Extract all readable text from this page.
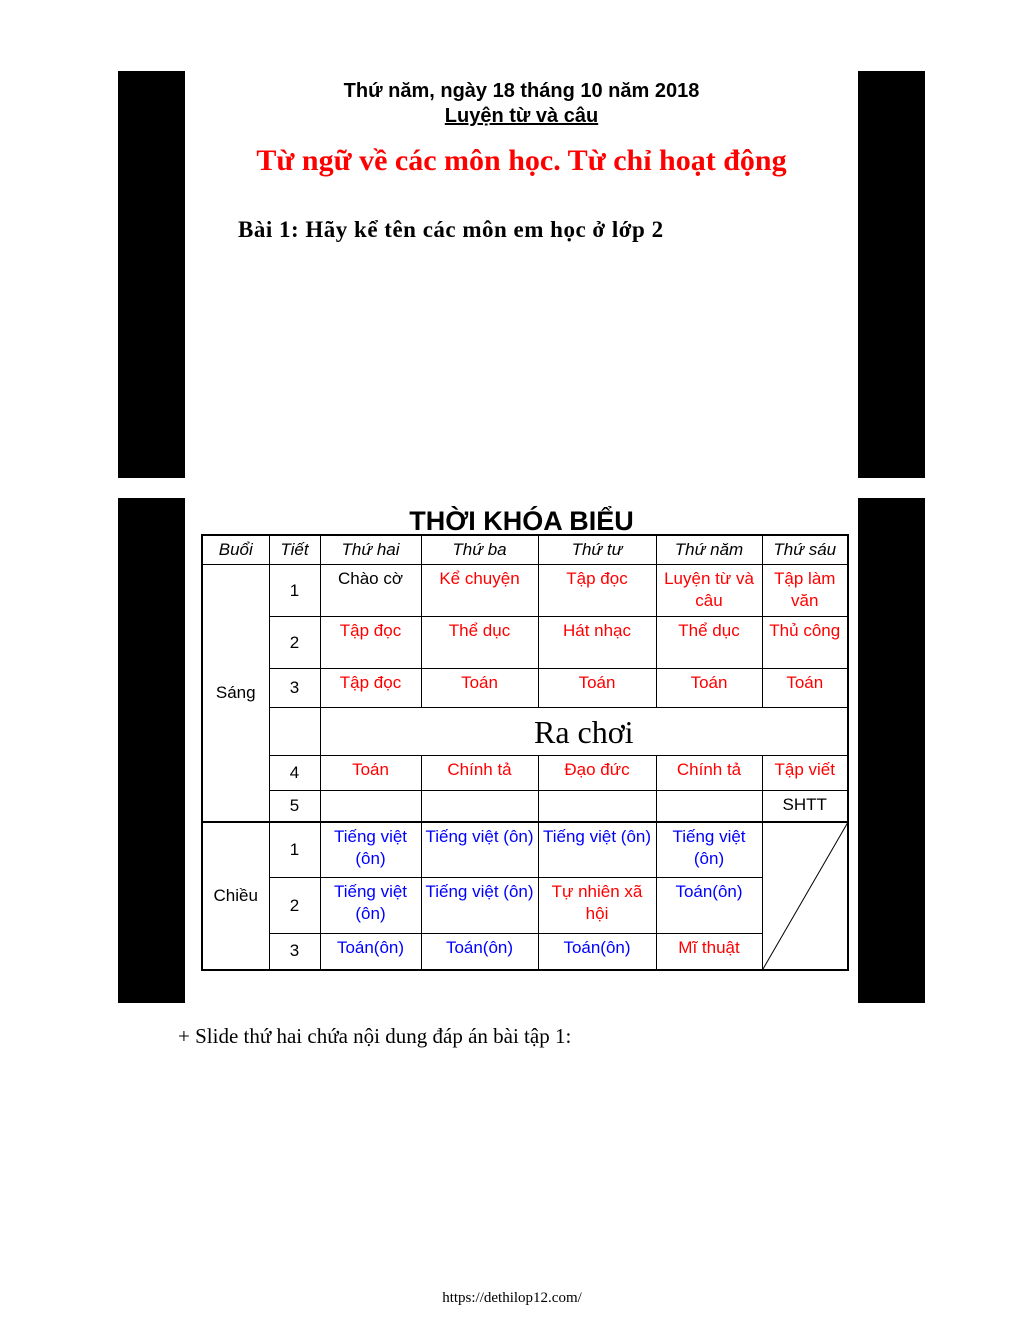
Thứ năm, ngày 18 tháng 10 năm 2018
Luyện từ và câu
Từ ngữ về các môn học. Từ chỉ hoạt động
Bài 1: Hãy kể tên các môn em học ở lớp 2
THỜI KHÓA BIỂU
Buổi	Tiết	Thứ hai	Thứ ba	Thứ tư	Thứ năm	Thứ sáu
Sáng	1	Chào cờ	Kể chuyện	Tập đọc	Luyện từ và câu	Tập làm văn
	2	Tập đọc	Thể dục	Hát nhạc	Thể dục	Thủ công
	3	Tập đọc	Toán	Toán	Toán	Toán
		Ra chơi				
	4	Toán	Chính tả	Đạo đức	Chính tả	Tập viết
	5					SHTT
Chiều	1	Tiếng việt (ôn)	Tiếng việt (ôn)	Tiếng việt (ôn)	Tiếng việt (ôn)	

	2	Tiếng việt (ôn)	Tiếng việt (ôn)	Tự nhiên xã hội	Toán(ôn)	
	3	Toán(ôn)	Toán(ôn)	Toán(ôn)	Mĩ thuật	
+ Slide thứ hai chứa nội dung đáp án bài tập 1:
https://dethilop12.com/
